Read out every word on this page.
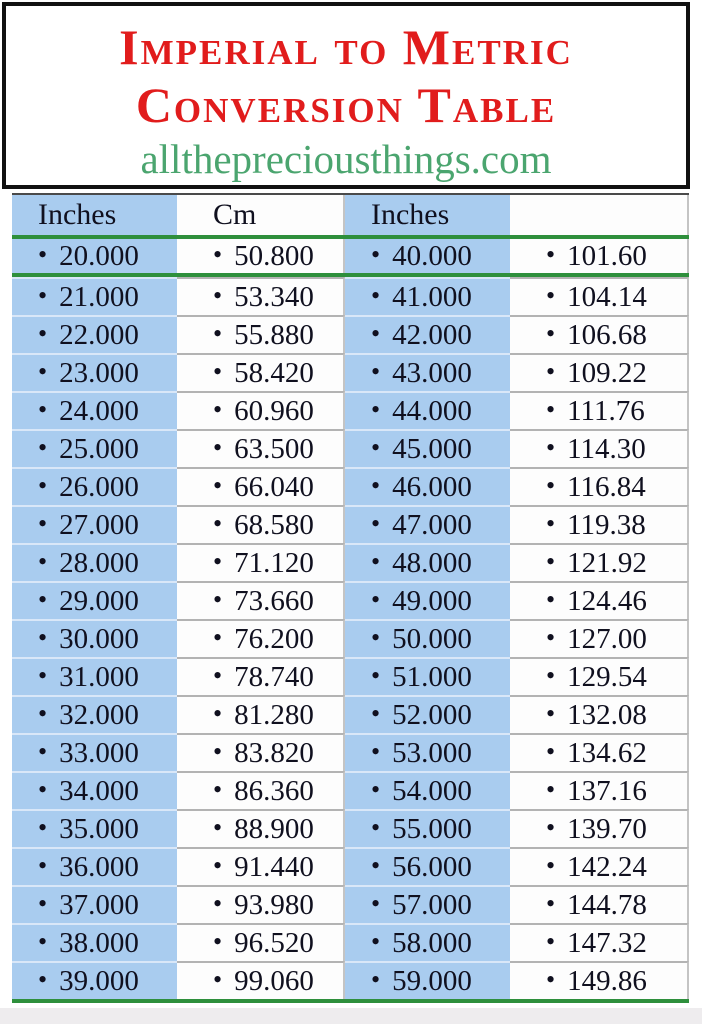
Imperial to Metric
Conversion Table
allthepreciousthings.com
Inches	Cm	Inches
• 20.000	• 50.800 • 40.000	• 101.60
• 21.000	• 53.340 • 41.000	• 104.14
• 22.000	• 55.880 • 42.000	• 106.68
• 23.000	• 58.420 • 43.000	• 109.22
• 24.000	• 60.960 • 44.000	• 111.76
• 25.000	• 63.500 • 45.000	• 114.30
• 26.000	• 66.040 • 46.000	• 116.84
• 27.000	• 68.580 • 47.000	• 119.38
• 28.000	• 71.120 • 48.000	• 121.92
• 29.000	• 73.660 • 49.000	• 124.46
• 30.000	• 76.200 • 50.000	• 127.00
• 31.000	• 78.740 • 51.000	• 129.54
• 32.000	• 81.280 • 52.000	• 132.08
• 33.000	• 83.820 • 53.000	• 134.62
• 34.000	• 86.360 • 54.000	• 137.16
• 35.000	• 88.900 • 55.000	• 139.70
• 36.000	• 91.440 • 56.000	• 142.24
• 37.000	• 93.980 • 57.000	• 144.78
• 38.000	• 96.520 • 58.000	• 147.32
• 39.000	• 99.060 • 59.000	• 149.86
